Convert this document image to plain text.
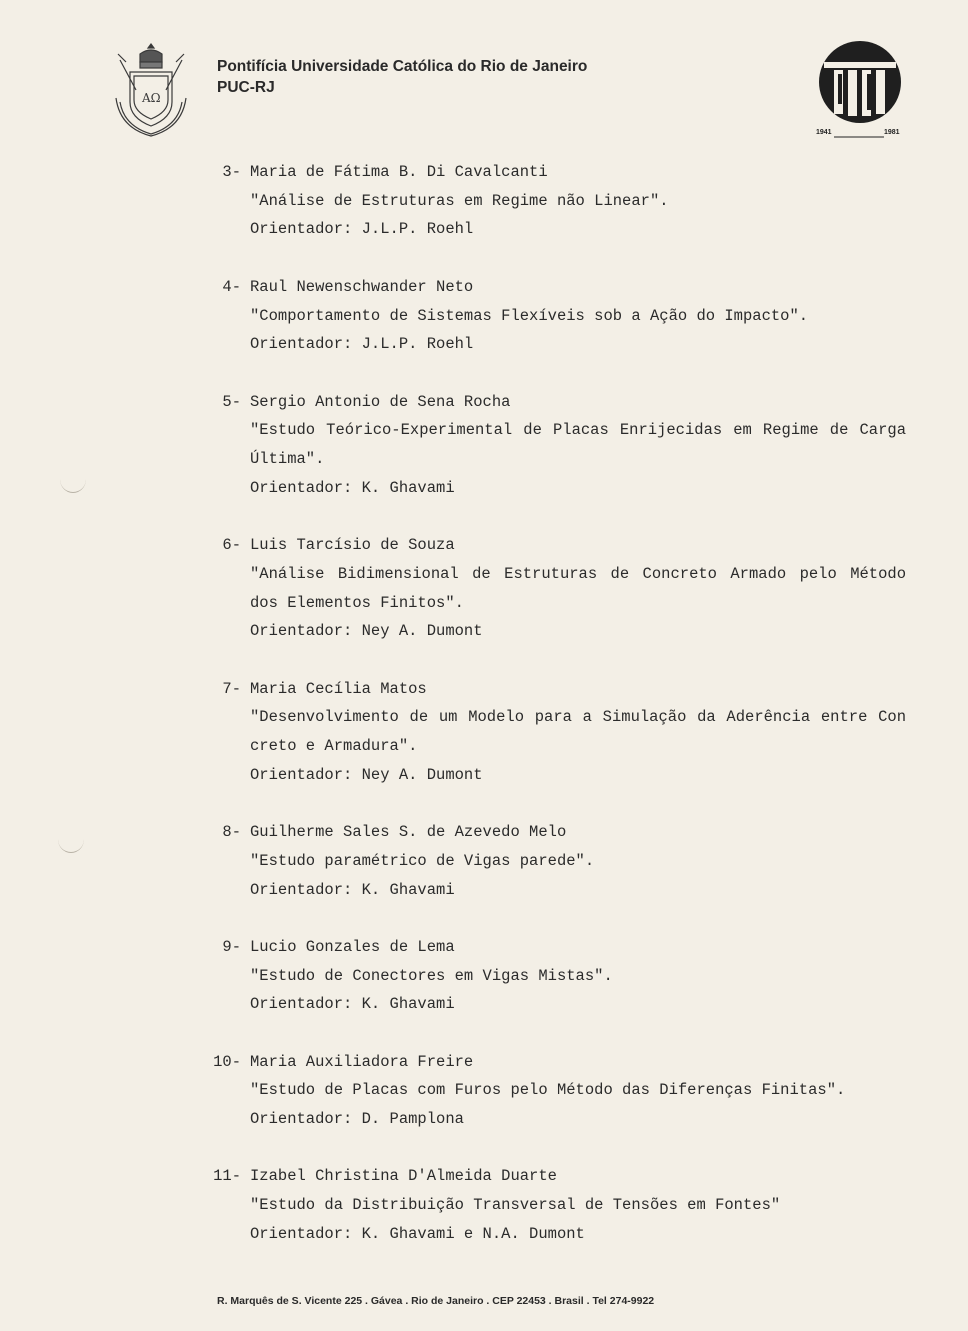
AΩ
Pontifícia Universidade Católica do Rio de Janeiro
PUC-RJ
1941	1981
3- Maria de Fátima B. Di Cavalcanti
"Análise de Estruturas em Regime não Linear".
Orientador: J.L.P. Roehl
4- Raul Newenschwander Neto
"Comportamento de Sistemas Flexíveis sob a Ação do Impacto".
Orientador: J.L.P. Roehl
5- Sergio Antonio de Sena Rocha
"Estudo Teórico-Experimental de Placas Enrijecidas em Regime de Carga Última".
Orientador: K. Ghavami
6- Luis Tarcísio de Souza
"Análise Bidimensional de Estruturas de Concreto Armado pelo Método dos Elementos Finitos".
Orientador: Ney A. Dumont
7- Maria Cecília Matos
"Desenvolvimento de um Modelo para a Simulação da Aderência entre Con creto e Armadura".
Orientador: Ney A. Dumont
8- Guilherme Sales S. de Azevedo Melo
"Estudo paramétrico de Vigas parede".
Orientador: K. Ghavami
9- Lucio Gonzales de Lema
"Estudo de Conectores em Vigas Mistas".
Orientador: K. Ghavami
10- Maria Auxiliadora Freire
"Estudo de Placas com Furos pelo Método das Diferenças Finitas".
Orientador: D. Pamplona
11- Izabel Christina D'Almeida Duarte
"Estudo da Distribuição Transversal de Tensões em Fontes"
Orientador: K. Ghavami e N.A. Dumont
R. Marquês de S. Vicente 225 . Gávea . Rio de Janeiro . CEP 22453 . Brasil . Tel 274-9922
